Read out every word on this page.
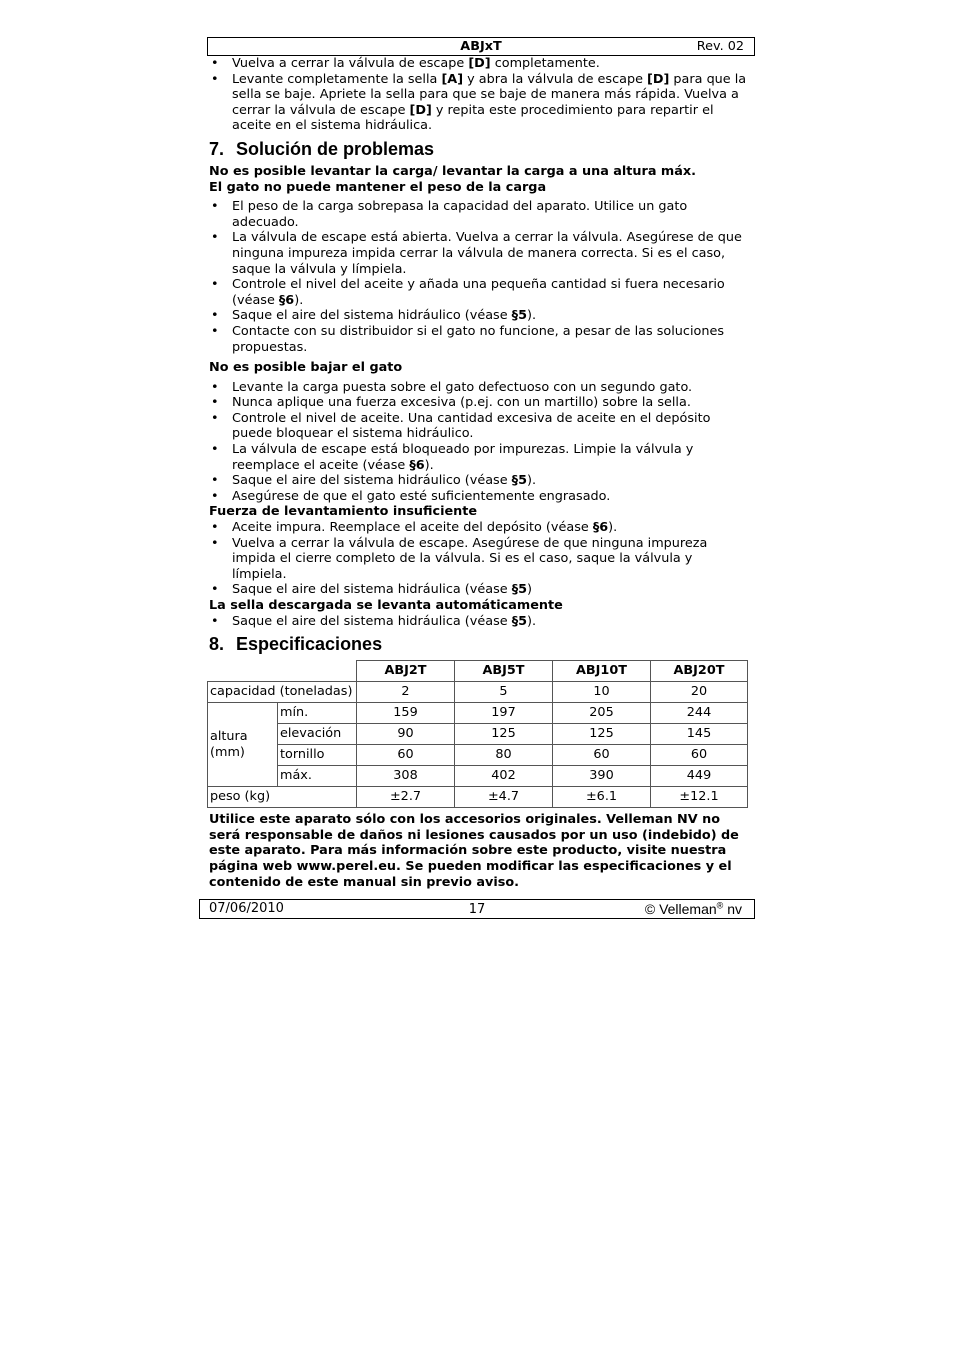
ABJxT	Rev. 02
• Vuelva a cerrar la válvula de escape [D] completamente.
• Levante completamente la sella [A] y abra la válvula de escape [D] para que la sella se baje. Apriete la sella para que se baje de manera más rápida. Vuelva a cerrar la válvula de escape [D] y repita este procedimiento para repartir el aceite en el sistema hidráulica.
7. Solución de problemas
No es posible levantar la carga/ levantar la carga a una altura máx.
El gato no puede mantener el peso de la carga
• El peso de la carga sobrepasa la capacidad del aparato. Utilice un gato adecuado.
• La válvula de escape está abierta. Vuelva a cerrar la válvula. Asegúrese de que ninguna impureza impida cerrar la válvula de manera correcta. Si es el caso, saque la válvula y límpiela.
• Controle el nivel del aceite y añada una pequeña cantidad si fuera necesario (véase §6).
• Saque el aire del sistema hidráulico (véase §5).
• Contacte con su distribuidor si el gato no funcione, a pesar de las soluciones propuestas.
No es posible bajar el gato
• Levante la carga puesta sobre el gato defectuoso con un segundo gato.
• Nunca aplique una fuerza excesiva (p.ej. con un martillo) sobre la sella.
• Controle el nivel de aceite. Una cantidad excesiva de aceite en el depósito puede bloquear el sistema hidráulico.
• La válvula de escape está bloqueado por impurezas. Limpie la válvula y reemplace el aceite (véase §6).
• Saque el aire del sistema hidráulico (véase §5).
• Asegúrese de que el gato esté suficientemente engrasado.
Fuerza de levantamiento insuficiente
• Aceite impura. Reemplace el aceite del depósito (véase §6).
• Vuelva a cerrar la válvula de escape. Asegúrese de que ninguna impureza impida el cierre completo de la válvula. Si es el caso, saque la válvula y límpiela.
• Saque el aire del sistema hidráulica (véase §5)
La sella descargada se levanta automáticamente
• Saque el aire del sistema hidráulica (véase §5).
8. Especificaciones
		ABJ2T	ABJ5T	ABJ10T	ABJ20T
capacidad (toneladas)		2	5	10	20
altura (mm)	mín.	159	197	205	244
	elevación	90	125	125	145
	tornillo	60	80	60	60
	máx.	308	402	390	449
peso (kg)		±2.7	±4.7	±6.1	±12.1

Utilice este aparato sólo con los accesorios originales. Velleman NV no será responsable de daños ni lesiones causados por un uso (indebido) de este aparato. Para más información sobre este producto, visite nuestra página web www.perel.eu. Se pueden modificar las especificaciones y el contenido de este manual sin previo aviso.

07/06/2010	17	© Velleman® nv
